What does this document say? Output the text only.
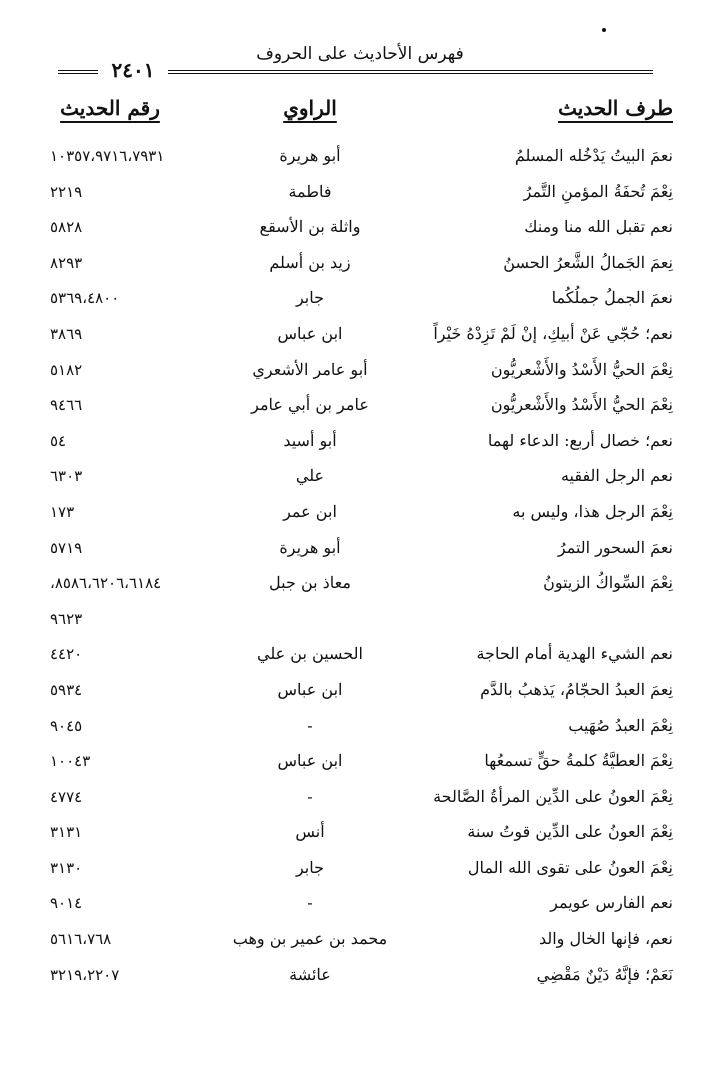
فهرس الأحاديث على الحروف
٢٤٠١
طرف الحديث
الراوي
رقم الحديث
نعمَ البيتُ يَدْخُله المسلمُ
أبو هريرة
١٠٣٥٧،٩٧١٦،٧٩٣١
نِعْمَ تُحفَةُ المؤمنِ التَّمرُ
فاطمة
٢٢١٩
نعم تقبل الله منا ومنك
واثلة بن الأسقع
٥٨٢٨
نِعمَ الجَمالُ الشَّعرُ الحسنُ
زيد بن أسلم
٨٢٩٣
نعمَ الجملُ جملُكُما
جابر
٥٣٦٩،٤٨٠٠
نعم؛ حُجّي عَنْ أبيكِ، إنْ لَمْ تَزِدْهُ خَيْراً
ابن عباس
٣٨٦٩
نِعْمَ الحيُّ الأَسْدُ والأَشْعريُّون
أبو عامر الأشعري
٥١٨٢
نِعْمَ الحيُّ الأَسْدُ والأَشْعريُّون
عامر بن أبي عامر
٩٤٦٦
نعم؛ خصال أربع: الدعاء لهما
أبو أسيد
٥٤
نعم الرجل الفقيه
علي
٦٣٠٣
نِعْمَ الرجل هذا، وليس به
ابن عمر
١٧٣
نعمَ السحور التمرُ
أبو هريرة
٥٧١٩
نِعْمَ السِّواكُ الزيتونُ
معاذ بن جبل
٨٥٨٦،٦٢٠٦،٦١٨٤،
٩٦٢٣
نعم الشيء الهدية أمام الحاجة
الحسين بن علي
٤٤٢٠
نِعمَ العبدُ الحجّامُ، يَذهبُ بالدَّم
ابن عباس
٥٩٣٤
نِعْمَ العبدُ صُهَيب
-
٩٠٤٥
نِعْمَ العطيَّةُ كلمةُ حقٍّ تسمعُها
ابن عباس
١٠٠٤٣
نِعْمَ العونُ على الدِّين المرأةُ الصَّالحة
-
٤٧٧٤
نِعْمَ العونُ على الدِّين قوتُ سنة
أنس
٣١٣١
نِعْمَ العونُ على تقوى الله المال
جابر
٣١٣٠
نعم الفارس عويمر
-
٩٠١٤
نعم، فإنها الخال والد
محمد بن عمير بن وهب
٥٦١٦،٧٦٨
نَعَمْ؛ فإنَّهُ دَيْنٌ مَقْضِي
عائشة
٣٢١٩،٢٢٠٧
